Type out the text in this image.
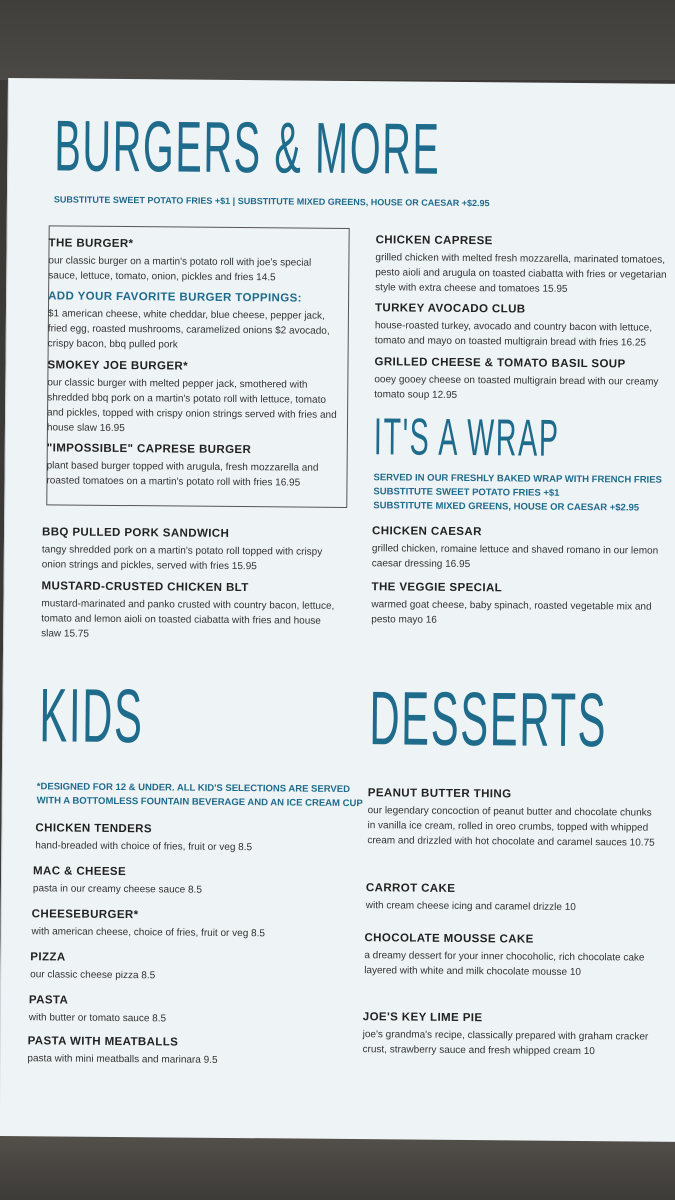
BURGERS & MORE
SUBSTITUTE SWEET POTATO FRIES +$1 | SUBSTITUTE MIXED GREENS, HOUSE OR CAESAR +$2.95
THE BURGER*

our classic burger on a martin's potato roll with joe's special sauce, lettuce, tomato, onion, pickles and fries 14.5

ADD YOUR FAVORITE BURGER TOPPINGS:

$1 american cheese, white cheddar, blue cheese, pepper jack, fried egg, roasted mushrooms, caramelized onions $2 avocado, crispy bacon, bbq pulled pork

SMOKEY JOE BURGER*

our classic burger with melted pepper jack, smothered with shredded bbq pork on a martin's potato roll with lettuce, tomato and pickles, topped with crispy onion strings served with fries and house slaw 16.95

"IMPOSSIBLE" CAPRESE BURGER

plant based burger topped with arugula, fresh mozzarella and roasted tomatoes on a martin's potato roll with fries 16.95

BBQ PULLED PORK SANDWICH

tangy shredded pork on a martin's potato roll topped with crispy onion strings and pickles, served with fries 15.95

MUSTARD-CRUSTED CHICKEN BLT

mustard-marinated and panko crusted with country bacon, lettuce, tomato and lemon aioli on toasted ciabatta with fries and house slaw 15.75

CHICKEN CAPRESE

grilled chicken with melted fresh mozzarella, marinated tomatoes, pesto aioli and arugula on toasted ciabatta with fries or vegetarian style with extra cheese and tomatoes 15.95

TURKEY AVOCADO CLUB

house-roasted turkey, avocado and country bacon with lettuce, tomato and mayo on toasted multigrain bread with fries 16.25

GRILLED CHEESE & TOMATO BASIL SOUP

ooey gooey cheese on toasted multigrain bread with our creamy tomato soup 12.95

IT'S A WRAP
SERVED IN OUR FRESHLY BAKED WRAP WITH FRENCH FRIES
SUBSTITUTE SWEET POTATO FRIES +$1
SUBSTITUTE MIXED GREENS, HOUSE OR CAESAR +$2.95
CHICKEN CAESAR

grilled chicken, romaine lettuce and shaved romano in our lemon caesar dressing 16.95

THE VEGGIE SPECIAL

warmed goat cheese, baby spinach, roasted vegetable mix and pesto mayo 16

KIDS
*DESIGNED FOR 12 & UNDER. ALL KID'S SELECTIONS ARE SERVED
WITH A BOTTOMLESS FOUNTAIN BEVERAGE AND AN ICE CREAM CUP
CHICKEN TENDERS

hand-breaded with choice of fries, fruit or veg 8.5

MAC & CHEESE

pasta in our creamy cheese sauce 8.5

CHEESEBURGER*

with american cheese, choice of fries, fruit or veg 8.5

PIZZA

our classic cheese pizza 8.5

PASTA

with butter or tomato sauce 8.5

PASTA WITH MEATBALLS

pasta with mini meatballs and marinara 9.5

DESSERTS
PEANUT BUTTER THING

our legendary concoction of peanut butter and chocolate chunks in vanilla ice cream, rolled in oreo crumbs, topped with whipped cream and drizzled with hot chocolate and caramel sauces 10.75

CARROT CAKE

with cream cheese icing and caramel drizzle 10

CHOCOLATE MOUSSE CAKE

a dreamy dessert for your inner chocoholic, rich chocolate cake layered with white and milk chocolate mousse 10

JOE'S KEY LIME PIE

joe's grandma's recipe, classically prepared with graham cracker crust, strawberry sauce and fresh whipped cream 10
